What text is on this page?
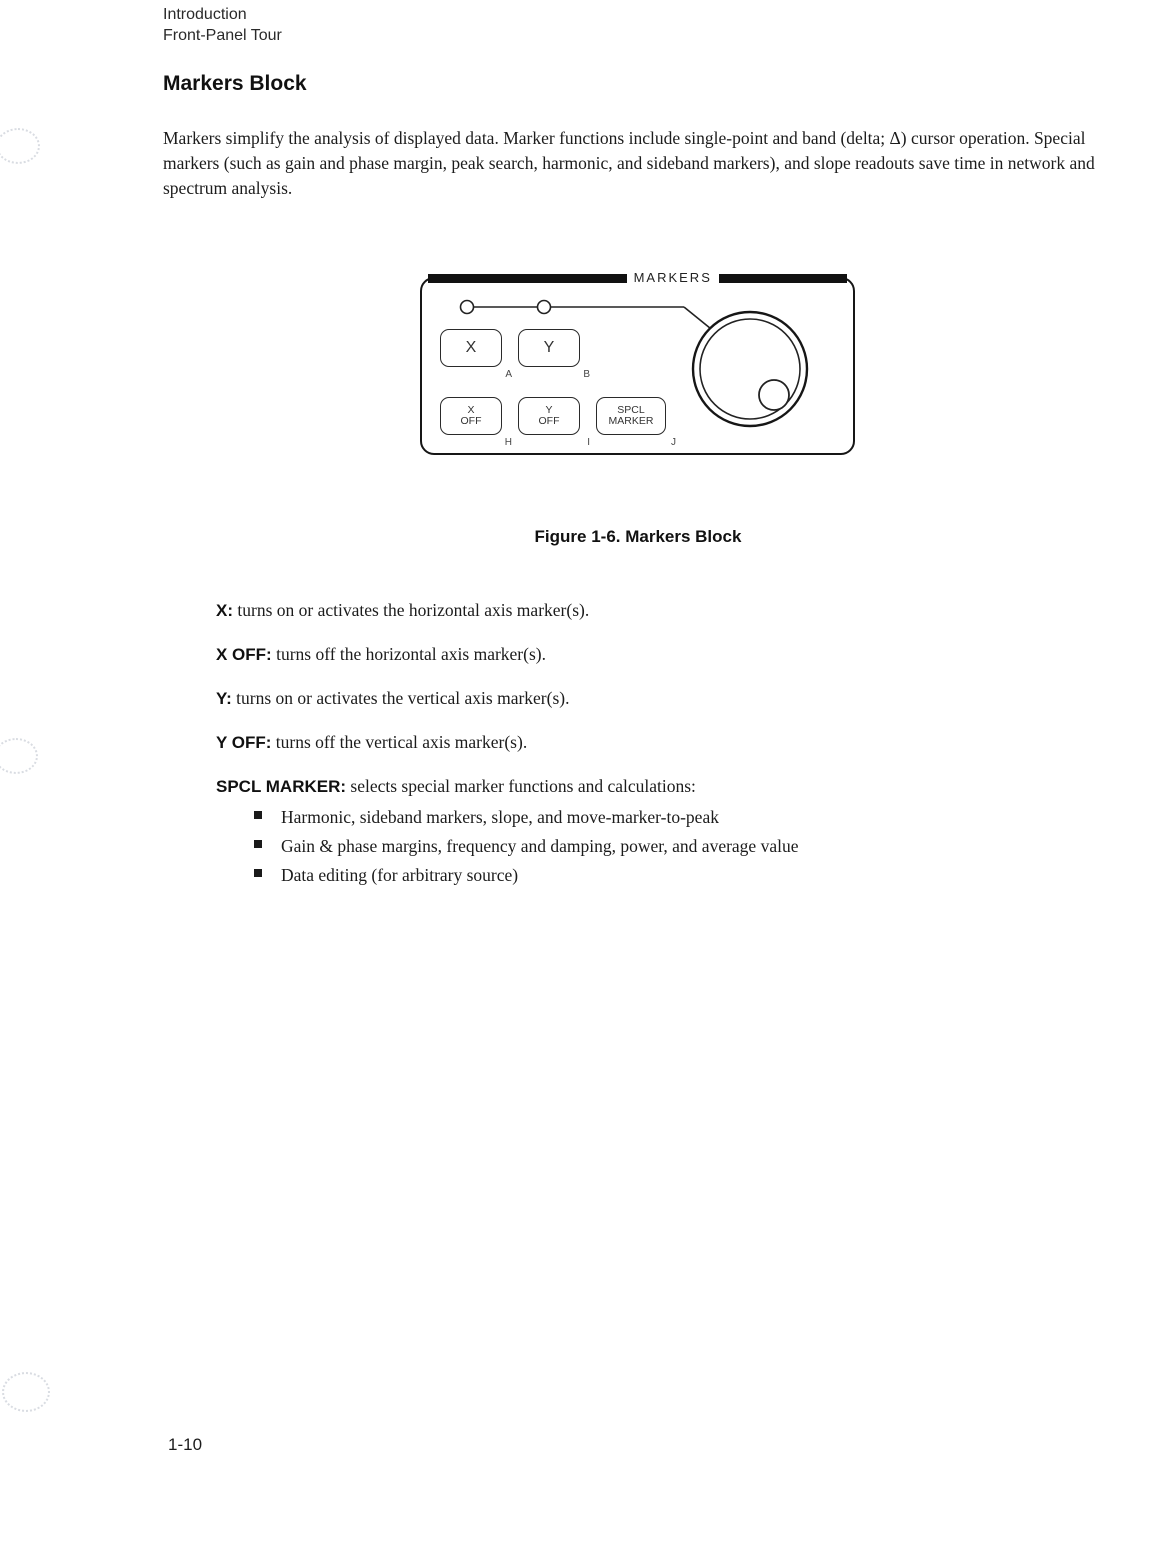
Introduction
Front-Panel Tour
Markers Block

Markers simplify the analysis of displayed data. Marker functions include single-point and band (delta; Δ) cursor operation. Special markers (such as gain and phase margin, peak search, harmonic, and sideband markers), and slope readouts save time in network and spectrum analysis.

MARKERS
X
A
Y
B
X
OFF
H
Y
OFF
I
SPCL
MARKER
J
Figure 1-6. Markers Block
X: turns on or activates the horizontal axis marker(s).
X OFF: turns off the horizontal axis marker(s).
Y: turns on or activates the vertical axis marker(s).
Y OFF: turns off the vertical axis marker(s).
SPCL MARKER: selects special marker functions and calculations:
Harmonic, sideband markers, slope, and move-marker-to-peak
Gain & phase margins, frequency and damping, power, and average value
Data editing (for arbitrary source)
1-10
